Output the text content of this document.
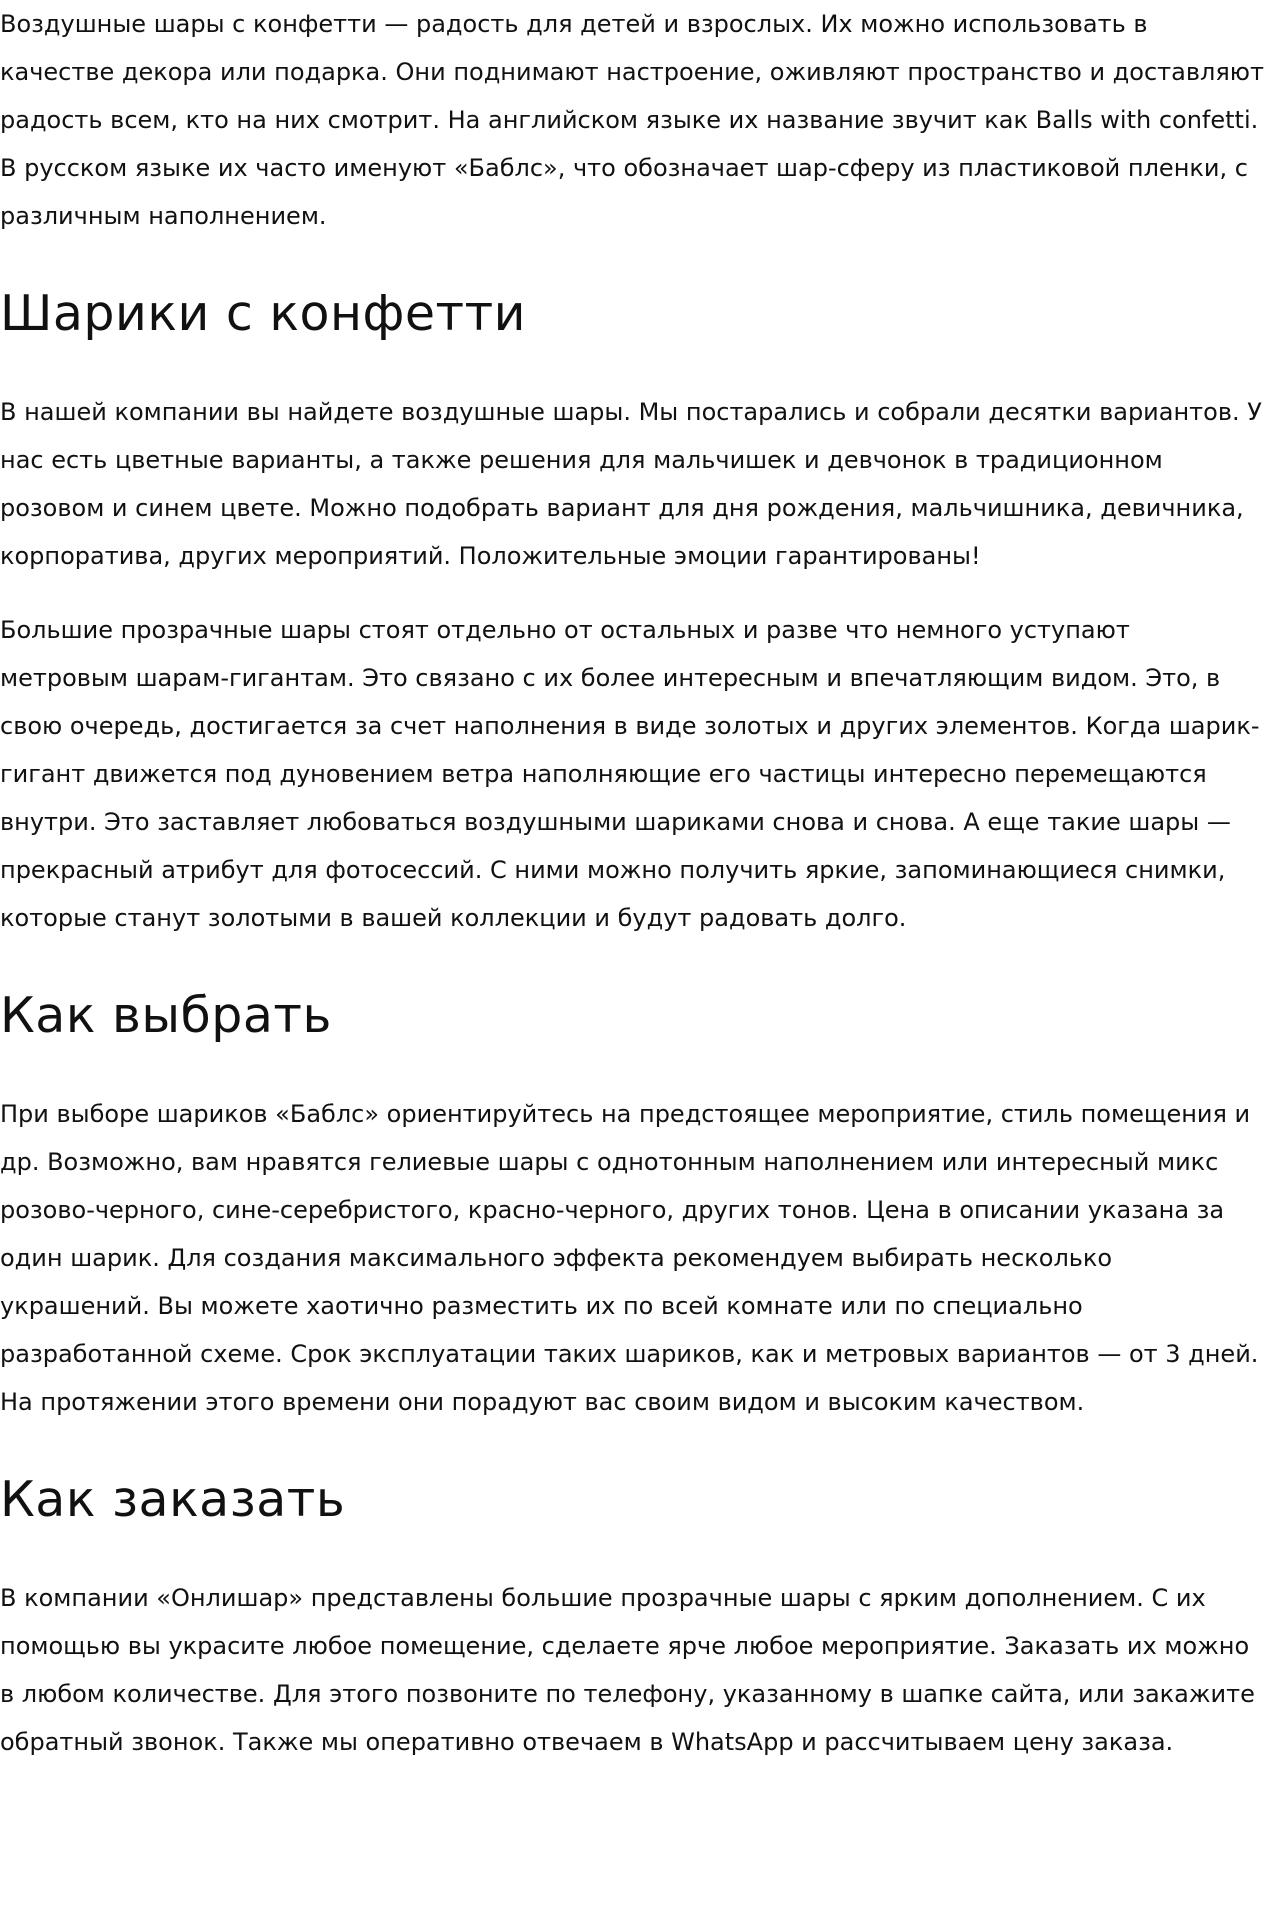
Воздушные шары с конфетти — радость для детей и взрослых. Их можно использовать в качестве декора или подарка. Они поднимают настроение, оживляют пространство и доставляют радость всем, кто на них смотрит. На английском языке их название звучит как Balls with confetti. В русском языке их часто именуют «Баблс», что обозначает шар-сферу из пластиковой пленки, с различным наполнением.

Шарики с конфетти

В нашей компании вы найдете воздушные шары. Мы постарались и собрали десятки вариантов. У нас есть цветные варианты, а также решения для мальчишек и девчонок в традиционном розовом и синем цвете. Можно подобрать вариант для дня рождения, мальчишника, девичника, корпоратива, других мероприятий. Положительные эмоции гарантированы!

Большие прозрачные шары стоят отдельно от остальных и разве что немного уступают метровым шарам-гигантам. Это связано с их более интересным и впечатляющим видом. Это, в свою очередь, достигается за счет наполнения в виде золотых и других элементов. Когда шарик-гигант движется под дуновением ветра наполняющие его частицы интересно перемещаются внутри. Это заставляет любоваться воздушными шариками снова и снова. А еще такие шары — прекрасный атрибут для фотосессий. С ними можно получить яркие, запоминающиеся снимки, которые станут золотыми в вашей коллекции и будут радовать долго.

Как выбрать

При выборе шариков «Баблс» ориентируйтесь на предстоящее мероприятие, стиль помещения и др. Возможно, вам нравятся гелиевые шары с однотонным наполнением или интересный микс розово-черного, сине-серебристого, красно-черного, других тонов. Цена в описании указана за один шарик. Для создания максимального эффекта рекомендуем выбирать несколько украшений. Вы можете хаотично разместить их по всей комнате или по специально разработанной схеме. Срок эксплуатации таких шариков, как и метровых вариантов — от 3 дней. На протяжении этого времени они порадуют вас своим видом и высоким качеством.

Как заказать

В компании «Онлишар» представлены большие прозрачные шары с ярким дополнением. С их помощью вы украсите любое помещение, сделаете ярче любое мероприятие. Заказать их можно в любом количестве. Для этого позвоните по телефону, указанному в шапке сайта, или закажите обратный звонок. Также мы оперативно отвечаем в WhatsApp и рассчитываем цену заказа.
